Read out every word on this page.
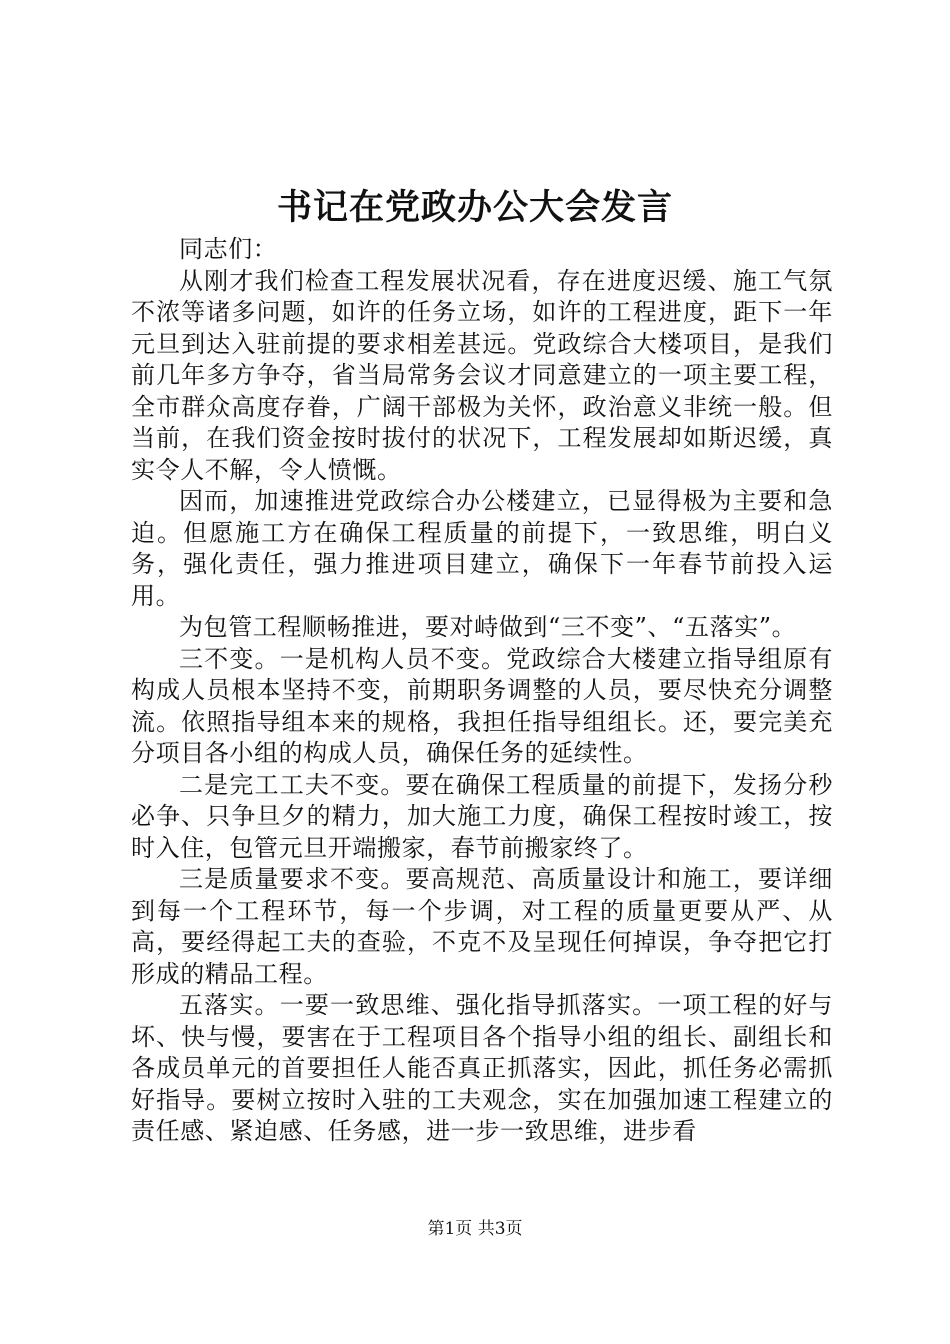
书记在党政办公大会发言

同志们：

从刚才我们检查工程发展状况看，存在进度迟缓、施工气氛不浓等诸多问题，如许的任务立场，如许的工程进度，距下一年元旦到达入驻前提的要求相差甚远。党政综合大楼项目，是我们前几年多方争夺，省当局常务会议才同意建立的一项主要工程，全市群众高度存眷，广阔干部极为关怀，政治意义非统一般。但当前，在我们资金按时拔付的状况下，工程发展却如斯迟缓，真实令人不解，令人愤慨。

因而，加速推进党政综合办公楼建立，已显得极为主要和急迫。但愿施工方在确保工程质量的前提下，一致思维，明白义务，强化责任，强力推进项目建立，确保下一年春节前投入运用。

为包管工程顺畅推进，要对峙做到“三不变”、“五落实”。

三不变。一是机构人员不变。党政综合大楼建立指导组原有构成人员根本坚持不变，前期职务调整的人员，要尽快充分调整流。依照指导组本来的规格，我担任指导组组长。还，要完美充分项目各小组的构成人员，确保任务的延续性。

二是完工工夫不变。要在确保工程质量的前提下，发扬分秒必争、只争旦夕的精力，加大施工力度，确保工程按时竣工，按时入住，包管元旦开端搬家，春节前搬家终了。

三是质量要求不变。要高规范、高质量设计和施工，要详细到每一个工程环节，每一个步调，对工程的质量更要从严、从高，要经得起工夫的查验，不克不及呈现任何掉误，争夺把它打形成的精品工程。

五落实。一要一致思维、强化指导抓落实。一项工程的好与坏、快与慢，要害在于工程项目各个指导小组的组长、副组长和各成员单元的首要担任人能否真正抓落实，因此，抓任务必需抓好指导。要树立按时入驻的工夫观念，实在加强加速工程建立的责任感、紧迫感、任务感，进一步一致思维，进步看

第1页 共3页
